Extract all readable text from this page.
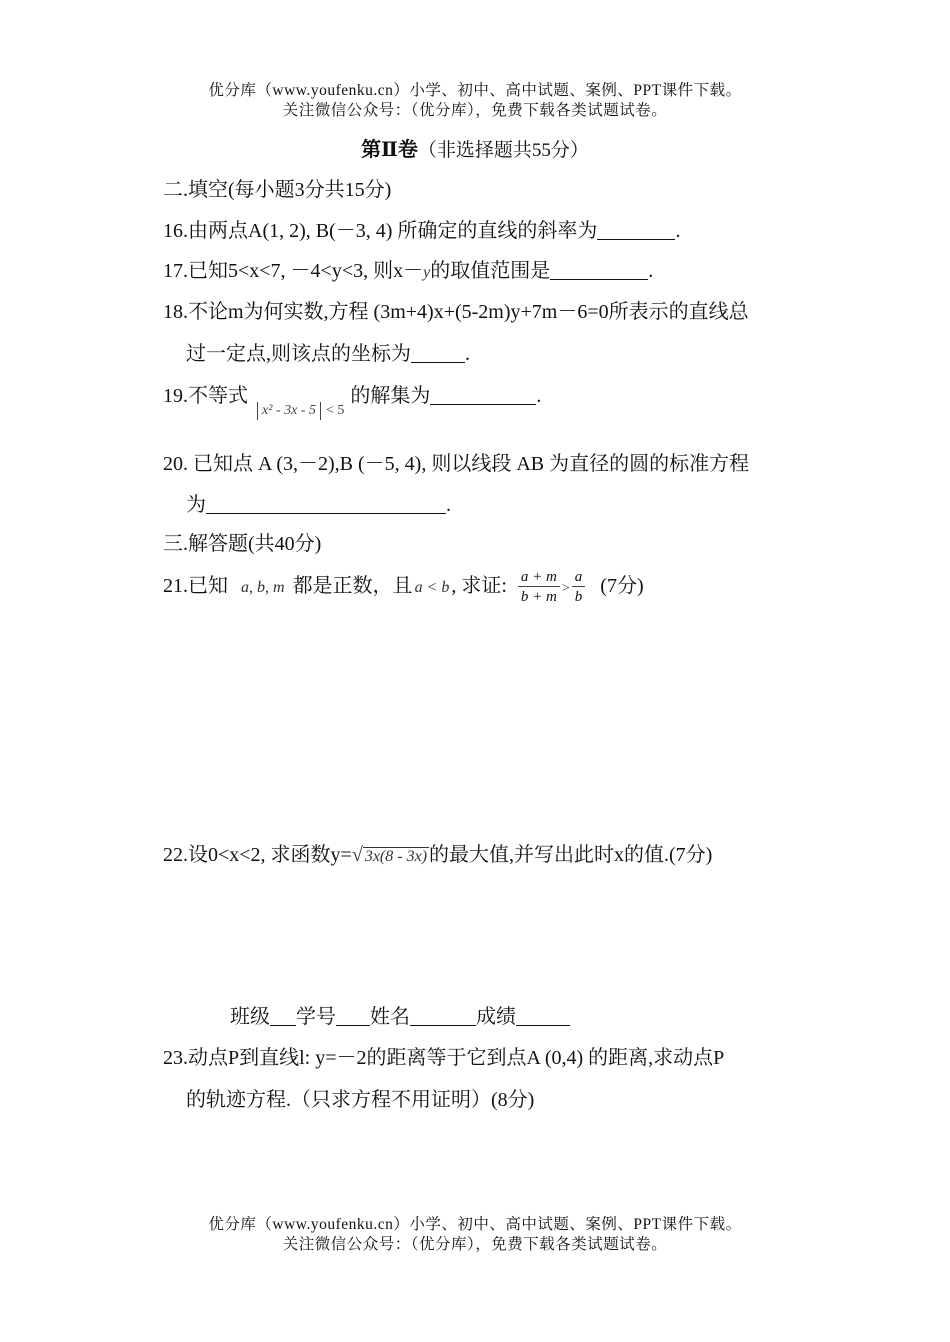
优分库（www.youfenku.cn）小学、初中、高中试题、案例、PPT课件下载。
关注微信公众号：（优分库），免费下载各类试题试卷。
第Ⅱ卷（非选择题共55分）
二.填空(每小题3分共15分)
16.由两点A(1, 2), B(－3, 4) 所确定的直线的斜率为	.
17.已知5<x<7, －4<y<3, 则x－y的取值范围是	.
18.不论m为何实数,方程 (3m+4)x+(5-2m)y+7m－6=0所表示的直线总
过一定点,则该点的坐标为	.
19.不等式 x² - 3x - 5 < 5的解集为	.
20. 已知点 A (3,－2),B (－5, 4), 则以线段 AB 为直径的圆的标准方程
为	.
三.解答题(共40分)
21.已知 a, b, m 都是正数，且 a < b , 求证: $\frac{a + m}{b + m} > \frac{a}{b} (7$分)
22.设0<x<2, 求函数y=√ 3x(8 - 3x) 的最大值,并写出此时x的值.(7分)
班级 学号 姓名	成绩
23.动点P到直线l: y=－2的距离等于它到点A (0,4) 的距离,求动点P
的轨迹方程.（只求方程不用证明）(8分)
优分库（www.youfenku.cn）小学、初中、高中试题、案例、PPT课件下载。
关注微信公众号：（优分库），免费下载各类试题试卷。
